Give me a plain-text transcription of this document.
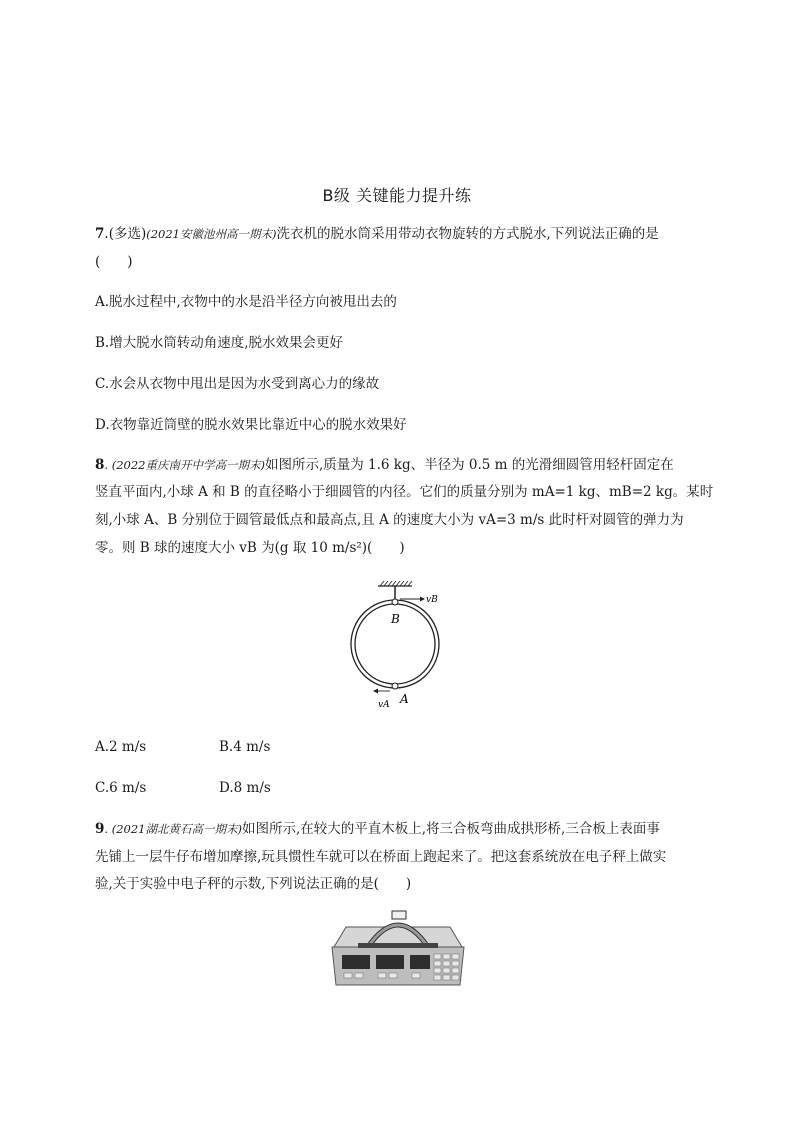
B级 关键能力提升练
7.(多选)(2021安徽池州高一期末)洗衣机的脱水筒采用带动衣物旋转的方式脱水,下列说法正确的是
(　　)
A.脱水过程中,衣物中的水是沿半径方向被甩出去的
B.增大脱水筒转动角速度,脱水效果会更好
C.水会从衣物中甩出是因为水受到离心力的缘故
D.衣物靠近筒壁的脱水效果比靠近中心的脱水效果好
8. (2022重庆南开中学高一期末)如图所示,质量为 1.6 kg、半径为 0.5 m 的光滑细圆管用轻杆固定在
竖直平面内,小球 A 和 B 的直径略小于细圆管的内径。它们的质量分别为 mA=1 kg、mB=2 kg。某时
刻,小球 A、B 分别位于圆管最低点和最高点,且 A 的速度大小为 vA=3 m/s 此时杆对圆管的弹力为
零。则 B 球的速度大小 vB 为(g 取 10 m/s²)(　　)
vB
B
A
vA
A.2 m/s	B.4 m/s
C.6 m/s	D.8 m/s
9. (2021湖北黄石高一期末)如图所示,在较大的平直木板上,将三合板弯曲成拱形桥,三合板上表面事
先铺上一层牛仔布增加摩擦,玩具惯性车就可以在桥面上跑起来了。把这套系统放在电子秤上做实
验,关于实验中电子秤的示数,下列说法正确的是(　　)
